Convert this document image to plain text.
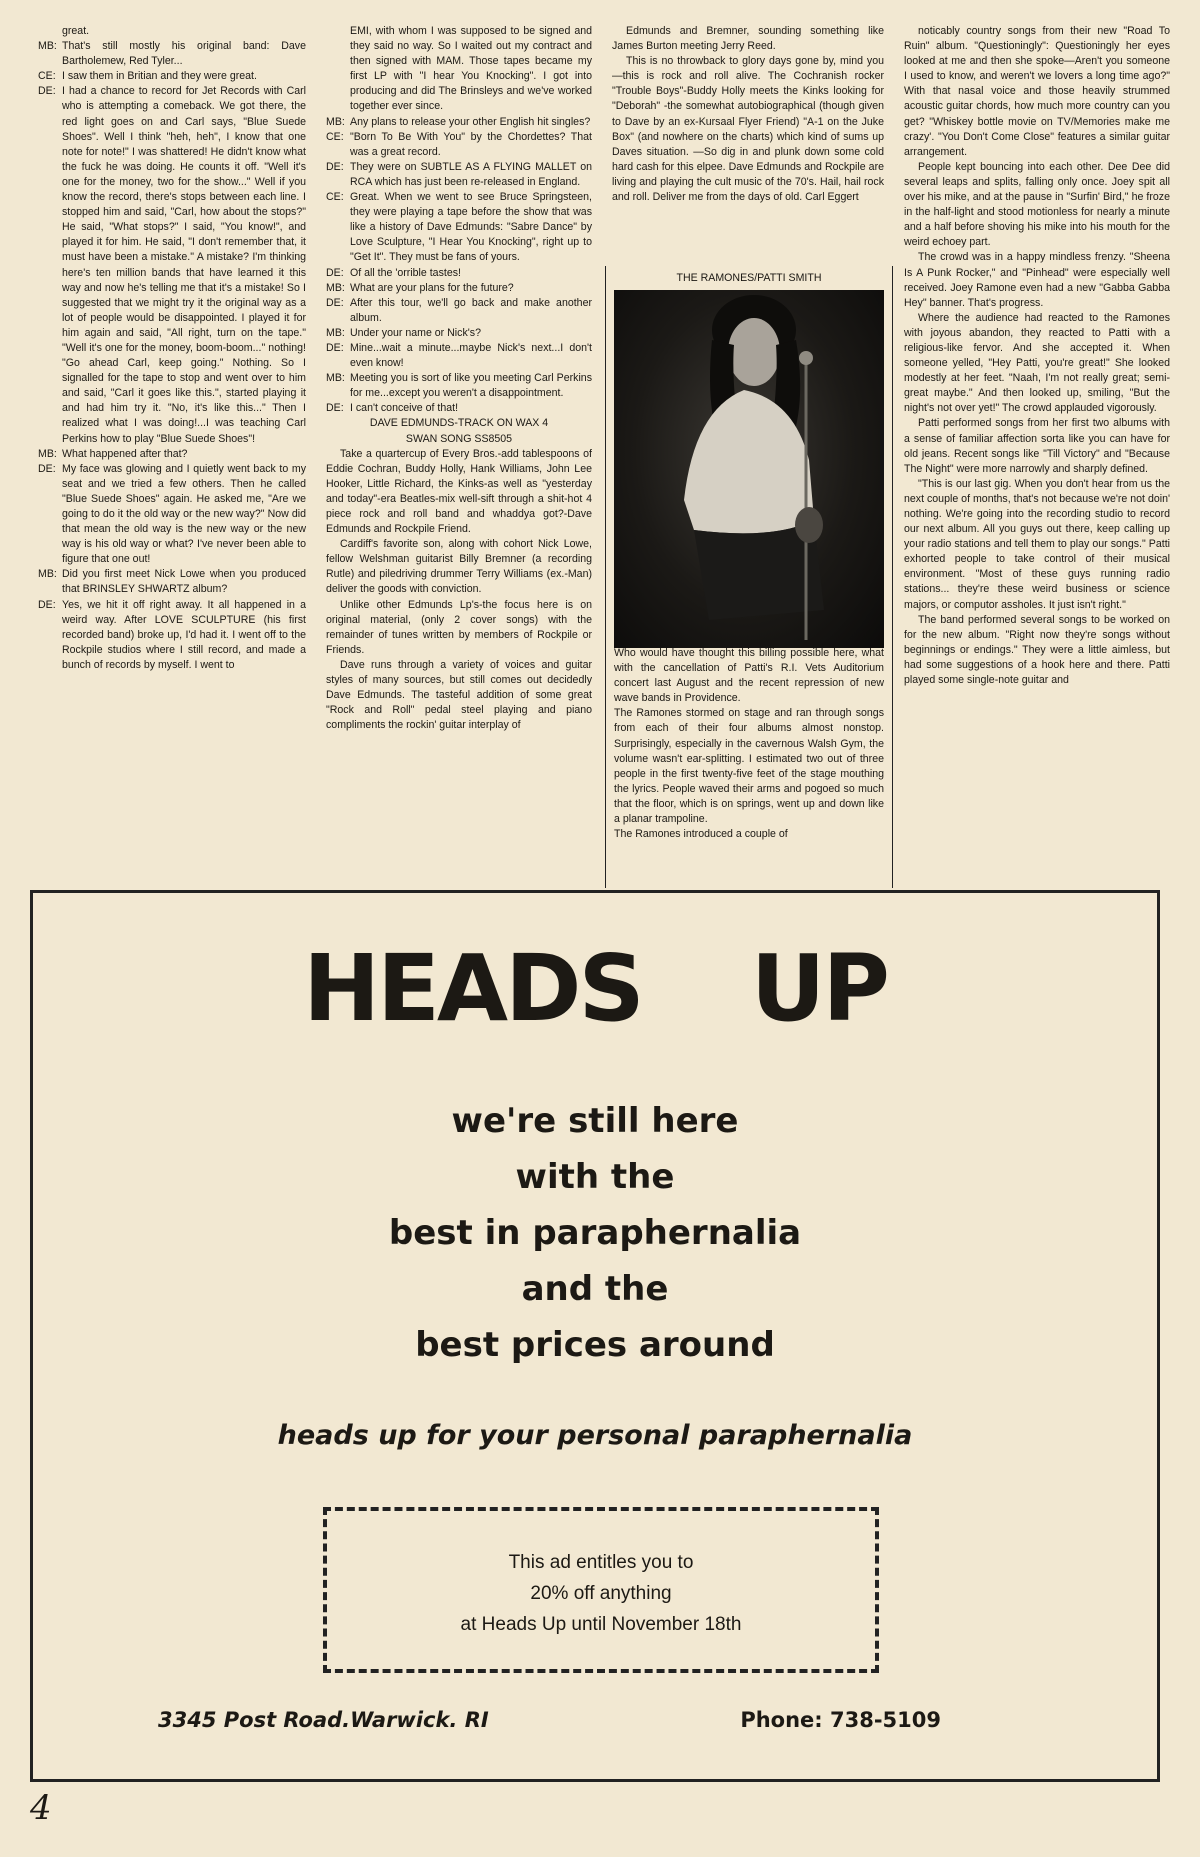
great.
MB: That's still mostly his original band: Dave Bartholemew, Red Tyler...
CE: I saw them in Britian and they were great.
DE: I had a chance to record for Jet Records with Carl who is attempting a comeback. We got there, the red light goes on and Carl says, "Blue Suede Shoes". Well I think "heh, heh", I know that one note for note!" I was shattered! He didn't know what the fuck he was doing. He counts it off. "Well it's one for the money, two for the show..." Well if you know the record, there's stops between each line. I stopped him and said, "Carl, how about the stops?" He said, "What stops?" I said, "You know!", and played it for him. He said, "I don't remember that, it must have been a mistake." A mistake? I'm thinking here's ten million bands that have learned it this way and now he's telling me that it's a mistake! So I suggested that we might try it the original way as a lot of people would be disappointed. I played it for him again and said, "All right, turn on the tape." "Well it's one for the money, boom-boom..." nothing! "Go ahead Carl, keep going." Nothing. So I signalled for the tape to stop and went over to him and said, "Carl it goes like this.", started playing it and had him try it. "No, it's like this..." Then I realized what I was doing!...I was teaching Carl Perkins how to play "Blue Suede Shoes"!
MB: What happened after that?
DE: My face was glowing and I quietly went back to my seat and we tried a few others. Then he called "Blue Suede Shoes" again. He asked me, "Are we going to do it the old way or the new way?" Now did that mean the old way is the new way or the new way is his old way or what? I've never been able to figure that one out!
MB: Did you first meet Nick Lowe when you produced that BRINSLEY SHWARTZ album?
DE: Yes, we hit it off right away. It all happened in a weird way. After LOVE SCULPTURE (his first recorded band) broke up, I'd had it. I went off to the Rockpile studios where I still record, and made a bunch of records by myself. I went to
EMI, with whom I was supposed to be signed and they said no way. So I waited out my contract and then signed with MAM. Those tapes became my first LP with "I hear You Knocking". I got into producing and did The Brinsleys and we've worked together ever since.
MB: Any plans to release your other English hit singles?
CE: "Born To Be With You" by the Chordettes? That was a great record.
DE: They were on SUBTLE AS A FLYING MALLET on RCA which has just been re-released in England.
CE: Great. When we went to see Bruce Springsteen, they were playing a tape before the show that was like a history of Dave Edmunds: "Sabre Dance" by Love Sculpture, "I Hear You Knocking", right up to "Get It". They must be fans of yours.
DE: Of all the 'orrible tastes!
MB: What are your plans for the future?
DE: After this tour, we'll go back and make another album.
MB: Under your name or Nick's?
DE: Mine...wait a minute...maybe Nick's next...I don't even know!
MB: Meeting you is sort of like you meeting Carl Perkins for me...except you weren't a disappointment.
DE: I can't conceive of that!

DAVE EDMUNDS-TRACK ON WAX 4

SWAN SONG SS8505

Take a quartercup of Every Bros.-add tablespoons of Eddie Cochran, Buddy Holly, Hank Williams, John Lee Hooker, Little Richard, the Kinks-as well as "yesterday and today"-era Beatles-mix well-sift through a shit-hot 4 piece rock and roll band and whaddya got?-Dave Edmunds and Rockpile Friend.

Cardiff's favorite son, along with cohort Nick Lowe, fellow Welshman guitarist Billy Bremner (a recording Rutle) and piledriving drummer Terry Williams (ex.-Man) deliver the goods with conviction.

Unlike other Edmunds Lp's-the focus here is on original material, (only 2 cover songs) with the remainder of tunes written by members of Rockpile or Friends.

Dave runs through a variety of voices and guitar styles of many sources, but still comes out decidedly Dave Edmunds. The tasteful addition of some great "Rock and Roll" pedal steel playing and piano compliments the rockin' guitar interplay of

Edmunds and Bremner, sounding something like James Burton meeting Jerry Reed.

This is no throwback to glory days gone by, mind you—this is rock and roll alive. The Cochranish rocker "Trouble Boys"-Buddy Holly meets the Kinks looking for "Deborah" -the somewhat autobiographical (though given to Dave by an ex-Kursaal Flyer Friend) "A-1 on the Juke Box" (and nowhere on the charts) which kind of sums up Daves situation. —So dig in and plunk down some cold hard cash for this elpee. Dave Edmunds and Rockpile are living and playing the cult music of the 70's. Hail, hail rock and roll. Deliver me from the days of old. Carl Eggert

THE RAMONES/PATTI SMITH

Who would have thought this billing possible here, what with the cancellation of Patti's R.I. Vets Auditorium concert last August and the recent repression of new wave bands in Providence.

The Ramones stormed on stage and ran through songs from each of their four albums almost nonstop. Surprisingly, especially in the cavernous Walsh Gym, the volume wasn't ear-splitting. I estimated two out of three people in the first twenty-five feet of the stage mouthing the lyrics. People waved their arms and pogoed so much that the floor, which is on springs, went up and down like a planar trampoline.

The Ramones introduced a couple of

noticably country songs from their new "Road To Ruin" album. "Questioningly": Questioningly her eyes looked at me and then she spoke—Aren't you someone I used to know, and weren't we lovers a long time ago?" With that nasal voice and those heavily strummed acoustic guitar chords, how much more country can you get? "Whiskey bottle movie on TV/Memories make me crazy'. "You Don't Come Close" features a similar guitar arrangement.

People kept bouncing into each other. Dee Dee did several leaps and splits, falling only once. Joey spit all over his mike, and at the pause in "Surfin' Bird," he froze in the half-light and stood motionless for nearly a minute and a half before shoving his mike into his mouth for the weird echoey part.

The crowd was in a happy mindless frenzy. "Sheena Is A Punk Rocker," and "Pinhead" were especially well received. Joey Ramone even had a new "Gabba Gabba Hey" banner. That's progress.

Where the audience had reacted to the Ramones with joyous abandon, they reacted to Patti with a religious-like fervor. And she accepted it. When someone yelled, "Hey Patti, you're great!" She looked modestly at her feet. "Naah, I'm not really great; semi-great maybe." And then looked up, smiling, "But the night's not over yet!" The crowd applauded vigorously.

Patti performed songs from her first two albums with a sense of familiar affection sorta like you can have for old jeans. Recent songs like "Till Victory" and "Because The Night" were more narrowly and sharply defined.

"This is our last gig. When you don't hear from us the next couple of months, that's not because we're not doin' nothing. We're going into the recording studio to record our next album. All you guys out there, keep calling up your radio stations and tell them to play our songs." Patti exhorted people to take control of their musical environment. "Most of these guys running radio stations... they're these weird business or science majors, or computor assholes. It just isn't right."

The band performed several songs to be worked on for the new album. "Right now they're songs without beginnings or endings." They were a little aimless, but had some suggestions of a hook here and there. Patti played some single-note guitar and

HEADS UP
we're still here
with the
best in paraphernalia
and the
best prices around
heads up for your personal paraphernalia
This ad entitles you to
20% off anything
at Heads Up until November 18th
3345 Post Road.Warwick. RI	Phone: 738-5109
4
